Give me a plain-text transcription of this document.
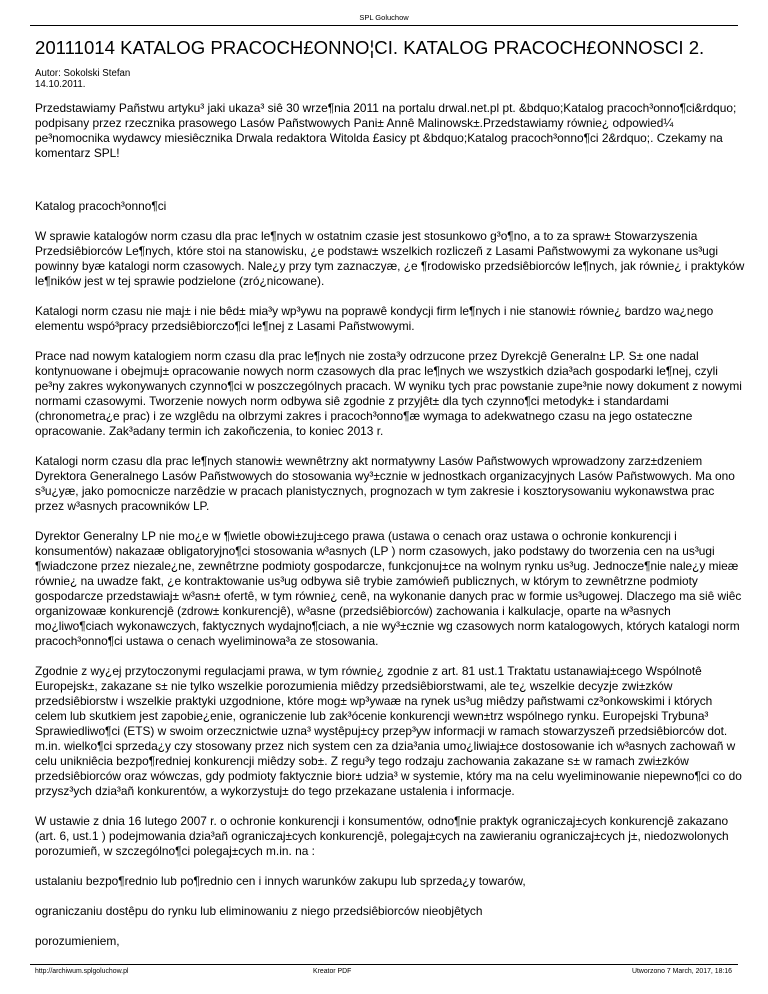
SPL Goluchow
20111014 KATALOG PRACOCH£ONNO¦CI. KATALOG PRACOCH£ONNOSCI 2.
Autor: Sokolski Stefan
14.10.2011.

Przedstawiamy Pañstwu artyku³ jaki ukaza³ siê 30 wrze¶nia 2011 na portalu drwal.net.pl pt. &bdquo;Katalog pracoch³onno¶ci&rdquo; podpisany przez rzecznika prasowego Lasów Pañstwowych Pani± Annê Malinowsk±.Przedstawiamy równie¿ odpowied¼ pe³nomocnika wydawcy miesiêcznika Drwala redaktora Witolda £asicy pt &bdquo;Katalog pracoch³onno¶ci 2&rdquo;. Czekamy na komentarz SPL!

Katalog pracoch³onno¶ci

W sprawie katalogów norm czasu dla prac le¶nych w ostatnim czasie jest stosunkowo g³o¶no, a to za spraw± Stowarzyszenia Przedsiêbiorców Le¶nych, które stoi na stanowisku, ¿e podstaw± wszelkich rozliczeñ z Lasami Pañstwowymi za wykonane us³ugi powinny byæ katalogi norm czasowych. Nale¿y przy tym zaznaczyæ, ¿e ¶rodowisko przedsiêbiorców le¶nych, jak równie¿ i praktyków le¶ników jest w tej sprawie podzielone (zró¿nicowane).

Katalogi norm czasu nie maj± i nie bêd± mia³y wp³ywu na poprawê kondycji firm le¶nych i nie stanowi± równie¿ bardzo wa¿nego elementu wspó³pracy przedsiêbiorczo¶ci le¶nej z Lasami Pañstwowymi.

Prace nad nowym katalogiem norm czasu dla prac le¶nych nie zosta³y odrzucone przez Dyrekcjê Generaln± LP. S± one nadal kontynuowane i obejmuj± opracowanie nowych norm czasowych dla prac le¶nych we wszystkich dzia³ach gospodarki le¶nej, czyli pe³ny zakres wykonywanych czynno¶ci w poszczególnych pracach. W wyniku tych prac powstanie zupe³nie nowy dokument z nowymi normami czasowymi. Tworzenie nowych norm odbywa siê zgodnie z przyjêt± dla tych czynno¶ci metodyk± i standardami (chronometra¿e prac) i ze wzglêdu na olbrzymi zakres i pracoch³onno¶æ wymaga to adekwatnego czasu na jego ostateczne opracowanie. Zak³adany termin ich zakoñczenia, to koniec 2013 r.

Katalogi norm czasu dla prac le¶nych stanowi± wewnêtrzny akt normatywny Lasów Pañstwowych wprowadzony zarz±dzeniem Dyrektora Generalnego Lasów Pañstwowych do stosowania wy³±cznie w jednostkach organizacyjnych Lasów Pañstwowych. Ma ono s³u¿yæ, jako pomocnicze narzêdzie w pracach planistycznych, prognozach w tym zakresie i kosztorysowaniu wykonawstwa prac przez w³asnych pracowników LP.

Dyrektor Generalny LP nie mo¿e w ¶wietle obowi±zuj±cego prawa (ustawa o cenach oraz ustawa o ochronie konkurencji i konsumentów) nakazaæ obligatoryjno¶ci stosowania w³asnych (LP ) norm czasowych, jako podstawy do tworzenia cen na us³ugi ¶wiadczone przez niezale¿ne, zewnêtrzne podmioty gospodarcze, funkcjonuj±ce na wolnym rynku us³ug. Jednocze¶nie nale¿y mieæ równie¿ na uwadze fakt, ¿e kontraktowanie us³ug odbywa siê trybie zamówieñ publicznych, w którym to zewnêtrzne podmioty gospodarcze przedstawiaj± w³asn± ofertê, w tym równie¿ cenê, na wykonanie danych prac w formie us³ugowej. Dlaczego ma siê wiêc organizowaæ konkurencjê (zdrow± konkurencjê), w³asne (przedsiêbiorców) zachowania i kalkulacje, oparte na w³asnych mo¿liwo¶ciach wykonawczych, faktycznych wydajno¶ciach, a nie wy³±cznie wg czasowych norm katalogowych, których katalogi norm pracoch³onno¶ci ustawa o cenach wyeliminowa³a ze stosowania.

Zgodnie z wy¿ej przytoczonymi regulacjami prawa, w tym równie¿ zgodnie z art. 81 ust.1 Traktatu ustanawiaj±cego Wspólnotê Europejsk±, zakazane s± nie tylko wszelkie porozumienia miêdzy przedsiêbiorstwami, ale te¿ wszelkie decyzje zwi±zków przedsiêbiorstw i wszelkie praktyki uzgodnione, które mog± wp³ywaæ na rynek us³ug miêdzy pañstwami cz³onkowskimi i których celem lub skutkiem jest zapobie¿enie, ograniczenie lub zak³ócenie konkurencji wewn±trz wspólnego rynku. Europejski Trybuna³ Sprawiedliwo¶ci (ETS) w swoim orzecznictwie uzna³ wystêpuj±cy przep³yw informacji w ramach stowarzyszeñ przedsiêbiorców dot. m.in. wielko¶ci sprzeda¿y czy stosowany przez nich system cen za dzia³ania umo¿liwiaj±ce dostosowanie ich w³asnych zachowañ w celu unikniêcia bezpo¶redniej konkurencji miêdzy sob±. Z regu³y tego rodzaju zachowania zakazane s± w ramach zwi±zków przedsiêbiorców oraz wówczas, gdy podmioty faktycznie bior± udzia³ w systemie, który ma na celu wyeliminowanie niepewno¶ci co do przysz³ych dzia³añ konkurentów, a wykorzystuj± do tego przekazane ustalenia i informacje.

W ustawie z dnia 16 lutego 2007 r. o ochronie konkurencji i konsumentów, odno¶nie praktyk ograniczaj±cych konkurencjê zakazano (art. 6, ust.1 ) podejmowania dzia³añ ograniczaj±cych konkurencjê, polegaj±cych na zawieraniu ograniczaj±cych j±, niedozwolonych porozumieñ, w szczególno¶ci polegaj±cych m.in. na :

ustalaniu bezpo¶rednio lub po¶rednio cen i innych warunków zakupu lub sprzeda¿y towarów,

ograniczaniu dostêpu do rynku lub eliminowaniu z niego przedsiêbiorców nieobjêtych

porozumieniem,

http://archiwum.splgoluchow.pl	Kreator PDF	Utworzono 7 March, 2017, 18:16
